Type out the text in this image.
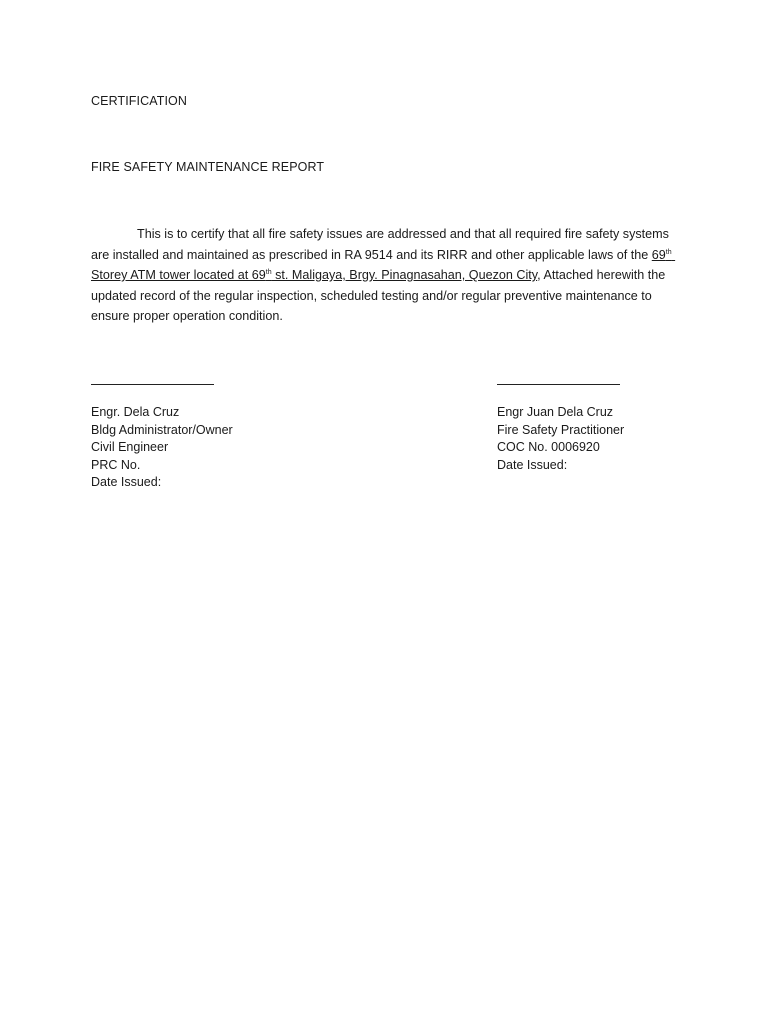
CERTIFICATION
FIRE SAFETY MAINTENANCE REPORT
This is to certify that all fire safety issues are addressed and that all required fire safety systems
are installed and maintained as prescribed in RA 9514 and its RIRR and other applicable laws of the 69th
Storey ATM tower located at 69th st. Maligaya, Brgy. Pinagnasahan, Quezon City, Attached herewith the
updated record of the regular inspection, scheduled testing and/or regular preventive maintenance to
ensure proper operation condition.
Engr. Dela Cruz
Bldg Administrator/Owner
Civil Engineer
PRC No.
Date Issued:
Engr Juan Dela Cruz
Fire Safety Practitioner
COC No. 0006920
Date Issued:
